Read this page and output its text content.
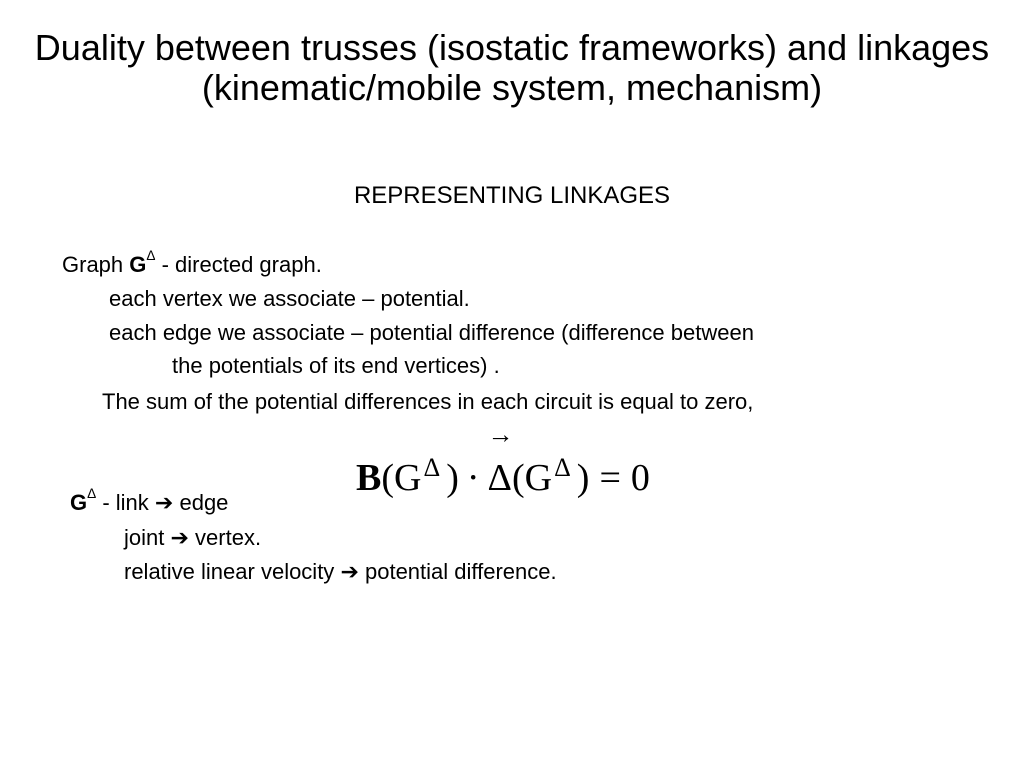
Duality between trusses (isostatic frameworks) and linkages (kinematic/mobile system, mechanism)
REPRESENTING LINKAGES
Graph $G^\Delta$ - directed graph.
each vertex we associate – potential.
each edge we associate – potential difference (difference between
the potentials of its end vertices) .
The sum of the potential differences in each circuit is equal to zero,
$B(G^\Delta$ ) ·
→
$\Delta(G^\Delta$ ) = 0
$G^\Delta$ - link ➔ edge
joint ➔ vertex.
relative linear velocity ➔ potential difference.
